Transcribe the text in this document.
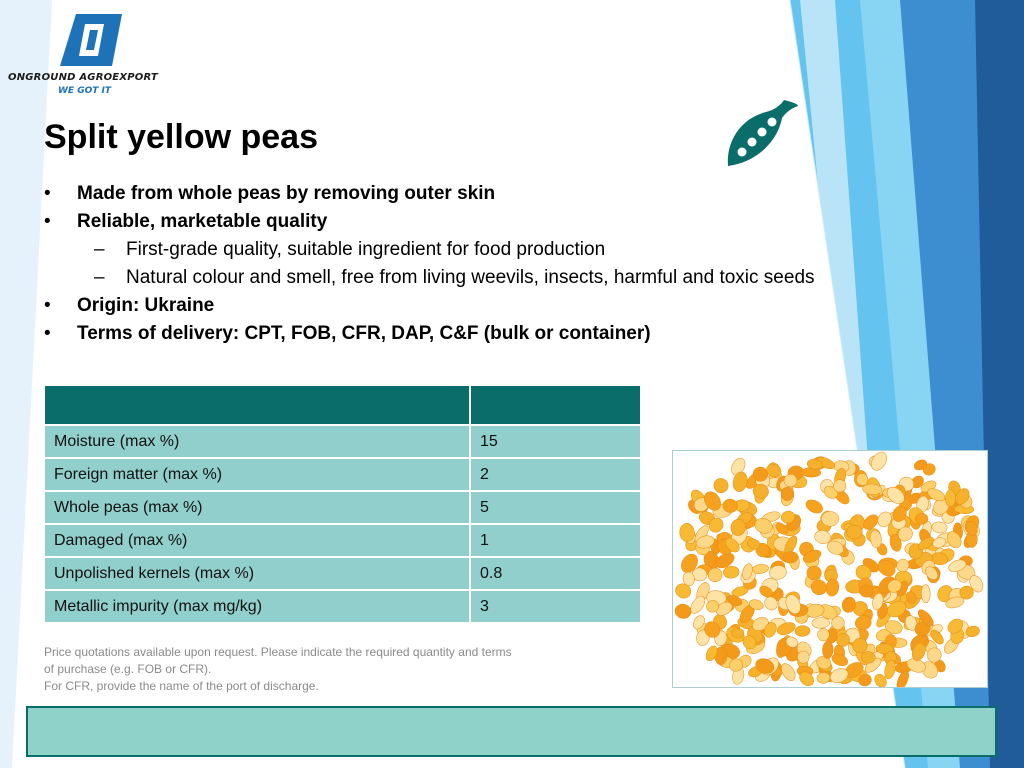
ONGROUND AGROEXPORT
WE GOT IT
Split yellow peas
• Made from whole peas by removing outer skin
• Reliable, marketable quality
– First-grade quality, suitable ingredient for food production
– Natural colour and smell, free from living weevils, insects, harmful and toxic seeds
• Origin: Ukraine
• Terms of delivery: CPT, FOB, CFR, DAP, C&F (bulk or container)

Moisture (max %)	15
Foreign matter (max %)	2
Whole peas (max %)	5
Damaged (max %)	1
Unpolished kernels (max %)	0.8
Metallic impurity (max mg/kg)	3
Price quotations available upon request. Please indicate the required quantity and terms
of purchase (e.g. FOB or CFR).
For CFR, provide the name of the port of discharge.
